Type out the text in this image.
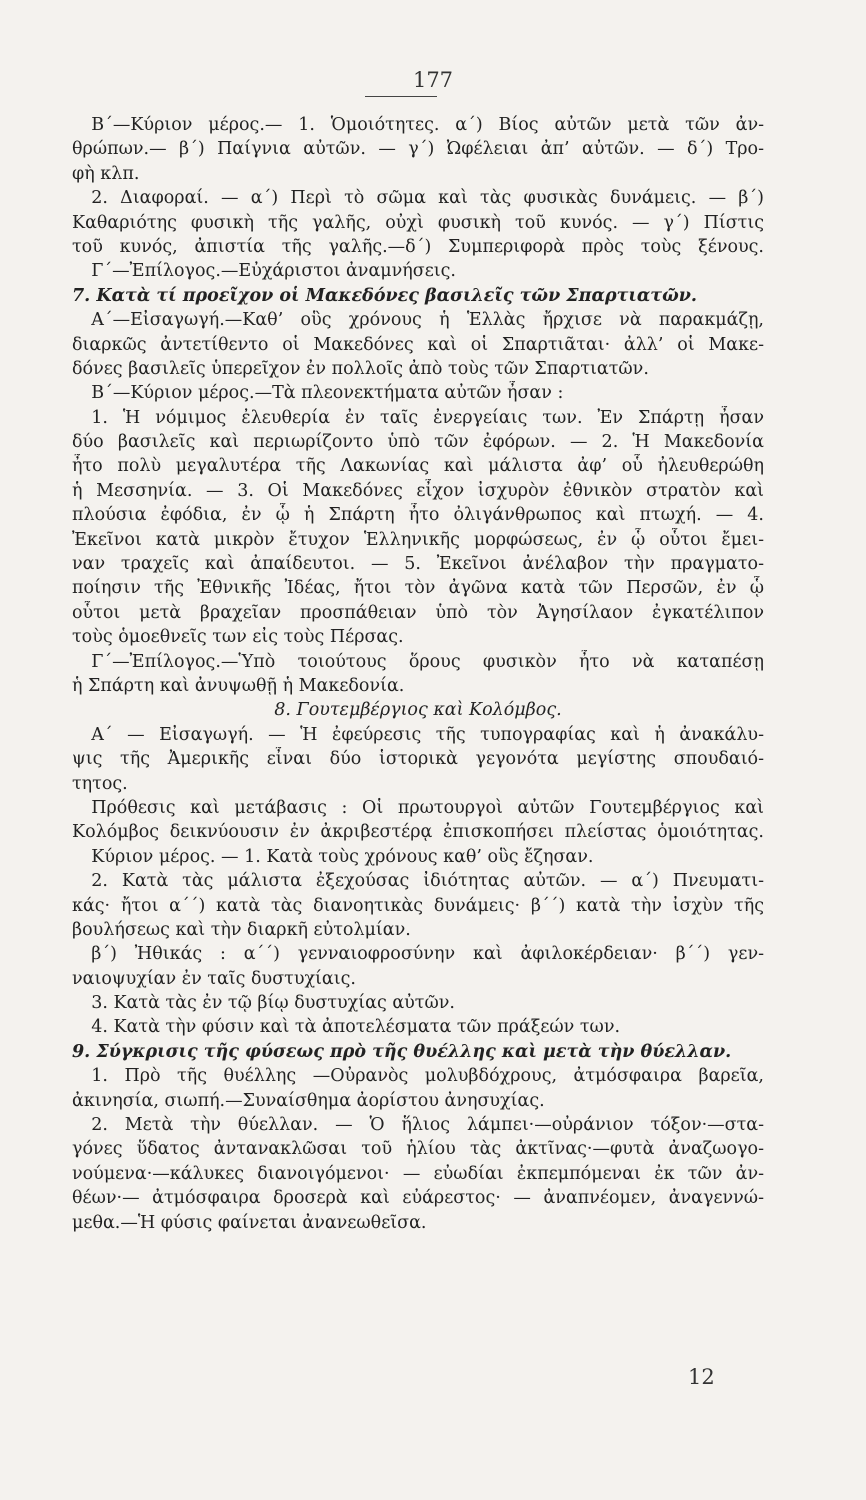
177
Β΄—Κύριον μέρος.— 1. Ὁμοιότητες. α΄) Βίος αὐτῶν μετὰ τῶν ἀν-
θρώπων.— β΄) Παίγνια αὐτῶν. — γ΄) Ὠφέλειαι ἀπ’ αὐτῶν. — δ΄) Τρο-
φὴ κλπ.
2. Διαφοραί. — α΄) Περὶ τὸ σῶμα καὶ τὰς φυσικὰς δυνάμεις. — β΄)
Καθαριότης φυσικὴ τῆς γαλῆς, οὐχὶ φυσικὴ τοῦ κυνός. — γ΄) Πίστις
τοῦ κυνός, ἀπιστία τῆς γαλῆς.—δ΄) Συμπεριφορὰ πρὸς τοὺς ξένους.
Γ΄—Ἐπίλογος.—Εὐχάριστοι ἀναμνήσεις.
7. Κατὰ τί προεῖχον οἱ Μακεδόνες βασιλεῖς τῶν Σπαρτιατῶν.
Α΄—Εἰσαγωγή.—Καθ’ οὓς χρόνους ἡ Ἑλλὰς ἤρχισε νὰ παρακμάζῃ,
διαρκῶς ἀντετίθεντο οἱ Μακεδόνες καὶ οἱ Σπαρτιᾶται· ἀλλ’ οἱ Μακε-
δόνες βασιλεῖς ὑπερεῖχον ἐν πολλοῖς ἀπὸ τοὺς τῶν Σπαρτιατῶν.
Β΄—Κύριον μέρος.—Τὰ πλεονεκτήματα αὐτῶν ἦσαν :
1. Ἡ νόμιμος ἐλευθερία ἐν ταῖς ἐνεργείαις των. Ἐν Σπάρτῃ ἦσαν
δύο βασιλεῖς καὶ περιωρίζοντο ὑπὸ τῶν ἐφόρων. — 2. Ἡ Μακεδονία
ἦτο πολὺ μεγαλυτέρα τῆς Λακωνίας καὶ μάλιστα ἀφ’ οὗ ἠλευθερώθη
ἡ Μεσσηνία. — 3. Οἱ Μακεδόνες εἶχον ἰσχυρὸν ἐθνικὸν στρατὸν καὶ
πλούσια ἐφόδια, ἐν ᾧ ἡ Σπάρτη ἦτο ὀλιγάνθρωπος καὶ πτωχή. — 4.
Ἐκεῖνοι κατὰ μικρὸν ἔτυχον Ἑλληνικῆς μορφώσεως, ἐν ᾧ οὗτοι ἔμει-
ναν τραχεῖς καὶ ἀπαίδευτοι. — 5. Ἐκεῖνοι ἀνέλαβον τὴν πραγματο-
ποίησιν τῆς Ἐθνικῆς Ἰδέας, ἤτοι τὸν ἀγῶνα κατὰ τῶν Περσῶν, ἐν ᾧ
οὗτοι μετὰ βραχεῖαν προσπάθειαν ὑπὸ τὸν Ἀγησίλαον ἐγκατέλιπον
τοὺς ὁμοεθνεῖς των εἰς τοὺς Πέρσας.
Γ΄—Ἐπίλογος.—Ὑπὸ τοιούτους ὅρους φυσικὸν ἦτο νὰ καταπέσῃ
ἡ Σπάρτη καὶ ἀνυψωθῇ ἡ Μακεδονία.
8. Γουτεμβέργιος καὶ Κολόμβος.
Α΄ — Εἰσαγωγή. — Ἡ ἐφεύρεσις τῆς τυπογραφίας καὶ ἡ ἀνακάλυ-
ψις τῆς Ἀμερικῆς εἶναι δύο ἱστορικὰ γεγονότα μεγίστης σπουδαιό-
τητος.
Πρόθεσις καὶ μετάβασις : Οἱ πρωτουργοὶ αὐτῶν Γουτεμβέργιος καὶ
Κολόμβος δεικνύουσιν ἐν ἀκριβεστέρᾳ ἐπισκοπήσει πλείστας ὁμοιότητας.
Κύριον μέρος. — 1. Κατὰ τοὺς χρόνους καθ’ οὓς ἔζησαν.
2. Κατὰ τὰς μάλιστα ἐξεχούσας ἰδιότητας αὐτῶν. — α΄) Πνευματι-
κάς· ἤτοι α΄΄) κατὰ τὰς διανοητικὰς δυνάμεις· β΄΄) κατὰ τὴν ἰσχὺν τῆς
βουλήσεως καὶ τὴν διαρκῆ εὐτολμίαν.
β΄) Ἠθικάς : α΄΄) γενναιοφροσύνην καὶ ἀφιλοκέρδειαν· β΄΄) γεν-
ναιοψυχίαν ἐν ταῖς δυστυχίαις.
3. Κατὰ τὰς ἐν τῷ βίῳ δυστυχίας αὐτῶν.
4. Κατὰ τὴν φύσιν καὶ τὰ ἀποτελέσματα τῶν πράξεών των.
9. Σύγκρισις τῆς φύσεως πρὸ τῆς θυέλλης καὶ μετὰ τὴν θύελλαν.
1. Πρὸ τῆς θυέλλης —Οὐρανὸς μολυβδόχρους, ἀτμόσφαιρα βαρεῖα,
ἀκινησία, σιωπή.—Συναίσθημα ἀορίστου ἀνησυχίας.
2. Μετὰ τὴν θύελλαν. — Ὁ ἥλιος λάμπει·—οὐράνιον τόξον·—στα-
γόνες ὕδατος ἀντανακλῶσαι τοῦ ἡλίου τὰς ἀκτῖνας·—φυτὰ ἀναζωογο-
νούμενα·—κάλυκες διανοιγόμενοι· — εὐωδίαι ἐκπεμπόμεναι ἐκ τῶν ἀν-
θέων·— ἀτμόσφαιρα δροσερὰ καὶ εὐάρεστος· — ἀναπνέομεν, ἀναγεννώ-
μεθα.—Ἡ φύσις φαίνεται ἀνανεωθεῖσα.
12
